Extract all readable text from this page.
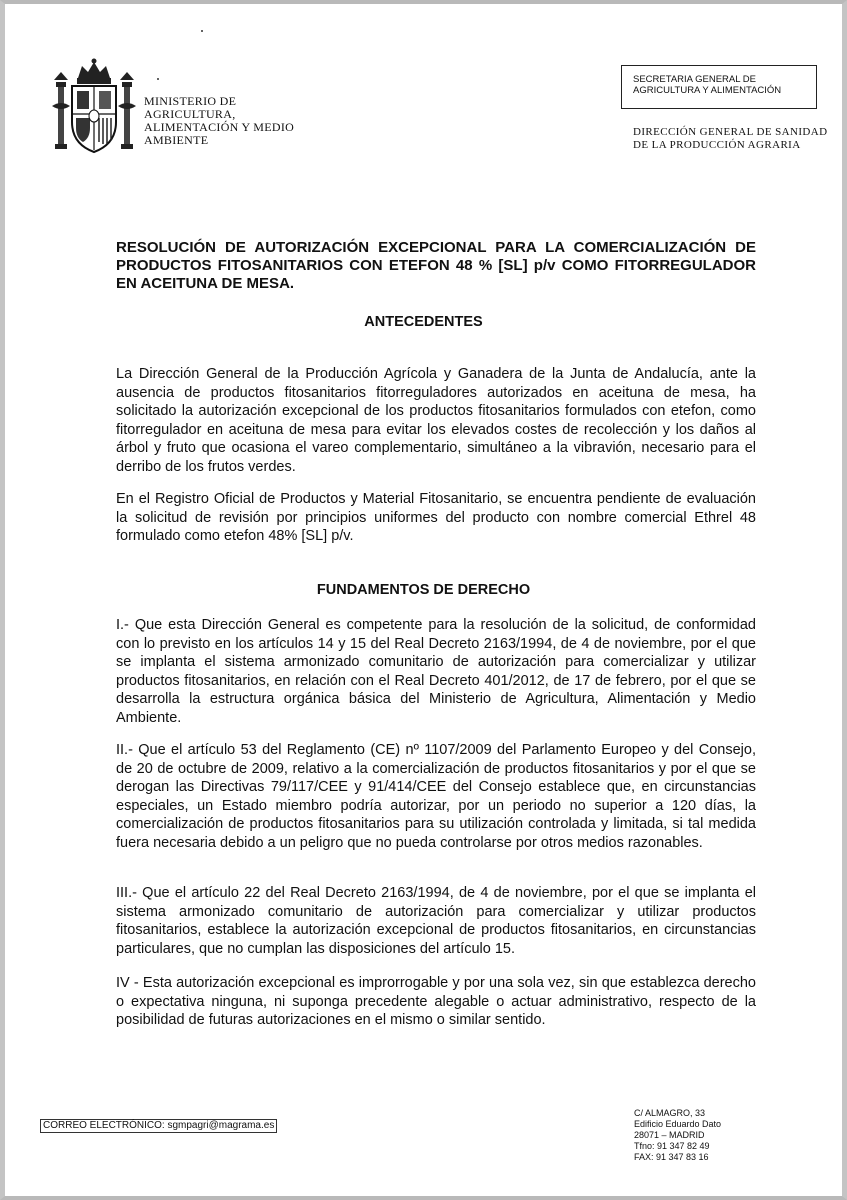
MINISTERIO DE
AGRICULTURA,
ALIMENTACIÓN Y MEDIO
AMBIENTE
SECRETARIA GENERAL DE
AGRICULTURA Y ALIMENTACIÓN
DIRECCIÓN GENERAL DE SANIDAD
DE LA PRODUCCIÓN AGRARIA
RESOLUCIÓN DE AUTORIZACIÓN EXCEPCIONAL PARA LA COMERCIALIZACIÓN DE PRODUCTOS FITOSANITARIOS CON ETEFON 48 % [SL] p/v COMO FITORREGULADOR EN ACEITUNA DE MESA.
ANTECEDENTES
La Dirección General de la Producción Agrícola y Ganadera de la Junta de Andalucía, ante la ausencia de productos fitosanitarios fitorreguladores autorizados en aceituna de mesa, ha solicitado la autorización excepcional de los productos fitosanitarios formulados con etefon, como fitorregulador en aceituna de mesa para evitar los elevados costes de recolección y los daños al árbol y fruto que ocasiona el vareo complementario, simultáneo a la vibravión, necesario para el derribo de los frutos verdes.
En el Registro Oficial de Productos y Material Fitosanitario, se encuentra pendiente de evaluación la solicitud de revisión por principios uniformes del producto con nombre comercial Ethrel 48 formulado como etefon 48% [SL] p/v.
FUNDAMENTOS DE DERECHO
I.- Que esta Dirección General es competente para la resolución de la solicitud, de conformidad con lo previsto en los artículos 14 y 15 del Real Decreto 2163/1994, de 4 de noviembre, por el que se implanta el sistema armonizado comunitario de autorización para comercializar y utilizar productos fitosanitarios, en relación con el Real Decreto 401/2012, de 17 de febrero, por el que se desarrolla la estructura orgánica básica del Ministerio de Agricultura, Alimentación y Medio Ambiente.
II.- Que el artículo 53 del Reglamento (CE) nº 1107/2009 del Parlamento Europeo y del Consejo, de 20 de octubre de 2009, relativo a la comercialización de productos fitosanitarios y por el que se derogan las Directivas 79/117/CEE y 91/414/CEE del Consejo establece que, en circunstancias especiales, un Estado miembro podría autorizar, por un periodo no superior a 120 días, la comercialización de productos fitosanitarios para su utilización controlada y limitada, si tal medida fuera necesaria debido a un peligro que no pueda controlarse por otros medios razonables.
III.- Que el artículo 22 del Real Decreto 2163/1994, de 4 de noviembre, por el que se implanta el sistema armonizado comunitario de autorización para comercializar y utilizar productos fitosanitarios, establece la autorización excepcional de productos fitosanitarios, en circunstancias particulares, que no cumplan las disposiciones del artículo 15.
IV - Esta autorización excepcional es improrrogable y por una sola vez, sin que establezca derecho o expectativa ninguna, ni suponga precedente alegable o actuar administrativo, respecto de la posibilidad de futuras autorizaciones en el mismo o similar sentido.
CORREO ELECTRÓNICO: sgmpagri@magrama.es
C/ ALMAGRO, 33
Edificio Eduardo Dato
28071 – MADRID
Tfno: 91 347 82 49
FAX: 91 347 83 16
